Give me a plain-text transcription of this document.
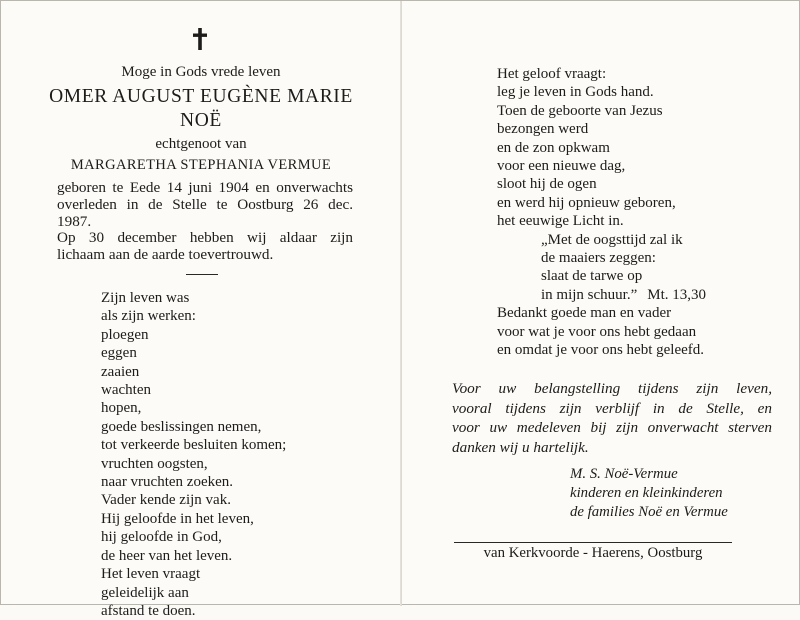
Moge in Gods vrede leven
OMER AUGUST EUGÈNE MARIE
NOË
echtgenoot van
MARGARETHA STEPHANIA VERMUE
geboren te Eede 14 juni 1904 en onverwachts
overleden in de Stelle te Oostburg 26 dec.
1987.
Op 30 december hebben wij aldaar zijn
lichaam aan de aarde toevertrouwd.
Zijn leven was
als zijn werken:
ploegen
eggen
zaaien
wachten
hopen,
goede beslissingen nemen,
tot verkeerde besluiten komen;
vruchten oogsten,
naar vruchten zoeken.
Vader kende zijn vak.
Hij geloofde in het leven,
hij geloofde in God,
de heer van het leven.
Het leven vraagt
geleidelijk aan
afstand te doen.
Het geloof vraagt:
leg je leven in Gods hand.
Toen de geboorte van Jezus
bezongen werd
en de zon opkwam
voor een nieuwe dag,
sloot hij de ogen
en werd hij opnieuw geboren,
het eeuwige Licht in.
„Met de oogsttijd zal ik
de maaiers zeggen:
slaat de tarwe op
in mijn schuur.” Mt. 13,30
Bedankt goede man en vader
voor wat je voor ons hebt gedaan
en omdat je voor ons hebt geleefd.
Voor uw belangstelling tijdens zijn leven,
vooral tijdens zijn verblijf in de Stelle, en
voor uw medeleven bij zijn onverwacht sterven
danken wij u hartelijk.
M. S. Noë-Vermue
kinderen en kleinkinderen
de families Noë en Vermue
van Kerkvoorde - Haerens, Oostburg
